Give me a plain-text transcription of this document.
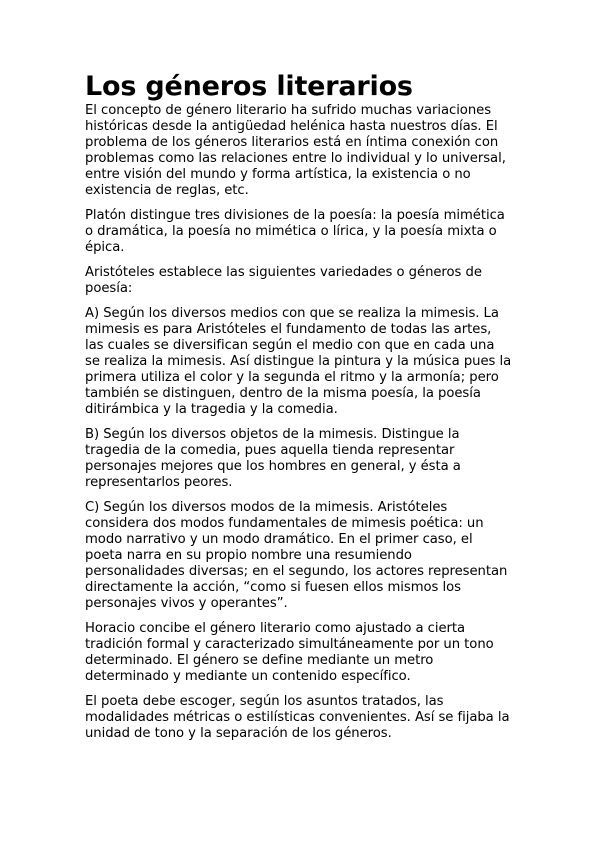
Los géneros literarios

El concepto de género literario ha sufrido muchas variaciones históricas desde la antigüedad helénica hasta nuestros días. El problema de los géneros literarios está en íntima conexión con problemas como las relaciones entre lo individual y lo universal, entre visión del mundo y forma artística, la existencia o no existencia de reglas, etc.

Platón distingue tres divisiones de la poesía: la poesía mimética o dramática, la poesía no mimética o lírica, y la poesía mixta o épica.

Aristóteles establece las siguientes variedades o géneros de poesía:

A) Según los diversos medios con que se realiza la mimesis. La mimesis es para Aristóteles el fundamento de todas las artes, las cuales se diversifican según el medio con que en cada una se realiza la mimesis. Así distingue la pintura y la música pues la primera utiliza el color y la segunda el ritmo y la armonía; pero también se distinguen, dentro de la misma poesía, la poesía ditirámbica y la tragedia y la comedia.

B) Según los diversos objetos de la mimesis. Distingue la tragedia de la comedia, pues aquella tienda representar personajes mejores que los hombres en general, y ésta a representarlos peores.

C) Según los diversos modos de la mimesis. Aristóteles considera dos modos fundamentales de mimesis poética: un modo narrativo y un modo dramático. En el primer caso, el poeta narra en su propio nombre una resumiendo personalidades diversas; en el segundo, los actores representan directamente la acción, “como si fuesen ellos mismos los personajes vivos y operantes”.

Horacio concibe el género literario como ajustado a cierta tradición formal y caracterizado simultáneamente por un tono determinado. El género se define mediante un metro determinado y mediante un contenido específico.

El poeta debe escoger, según los asuntos tratados, las modalidades métricas o estilísticas convenientes. Así se fijaba la unidad de tono y la separación de los géneros.
